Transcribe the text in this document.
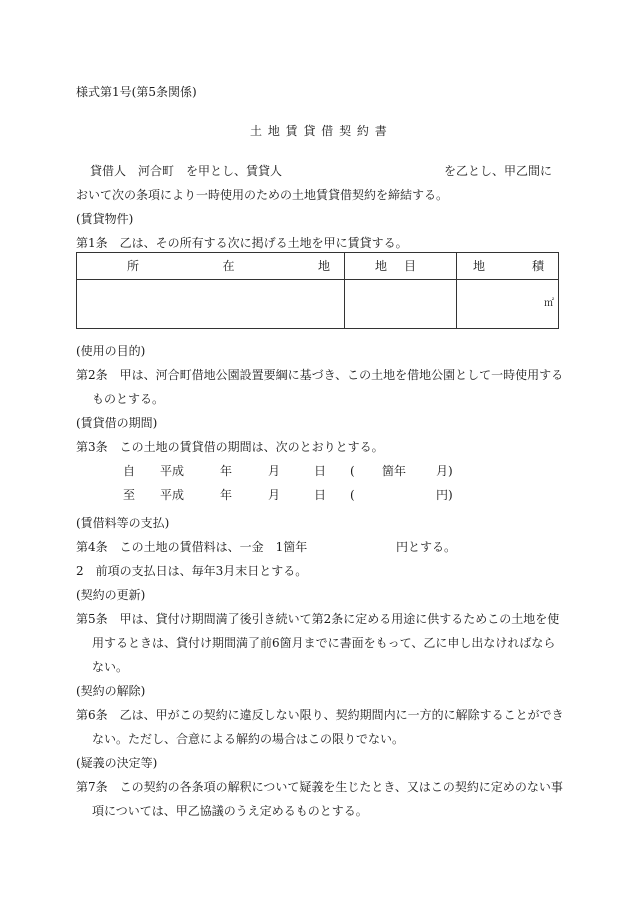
様式第1号(第5条関係)
土 地 賃 貸 借 契 約 書
貸借人　河合町　を甲とし、賃貸人	を乙とし、甲乙間に
おいて次の条項により一時使用のための土地賃貸借契約を締結する。
(賃貸物件)
第1条　乙は、その所有する次に掲げる土地を甲に賃貸する。
所 在 地	地 目	地 積

		㎡
(使用の目的)
第2条　甲は、河合町借地公園設置要綱に基づき、この土地を借地公園として一時使用する
ものとする。
(賃貸借の期間)
第3条　この土地の賃貸借の期間は、次のとおりとする。
自 平成	年	月	日 ( 箇年 月)
至 平成	年	月	日 (	円)
(賃借料等の支払)
第4条　この土地の賃借料は、一金　1箇年	円とする。
2　前項の支払日は、毎年3月末日とする。
(契約の更新)
第5条　甲は、貸付け期間満了後引き続いて第2条に定める用途に供するためこの土地を使
用するときは、貸付け期間満了前6箇月までに書面をもって、乙に申し出なければなら
ない。
(契約の解除)
第6条　乙は、甲がこの契約に違反しない限り、契約期間内に一方的に解除することができ
ない。ただし、合意による解約の場合はこの限りでない。
(疑義の決定等)
第7条　この契約の各条項の解釈について疑義を生じたとき、又はこの契約に定めのない事
項については、甲乙協議のうえ定めるものとする。
